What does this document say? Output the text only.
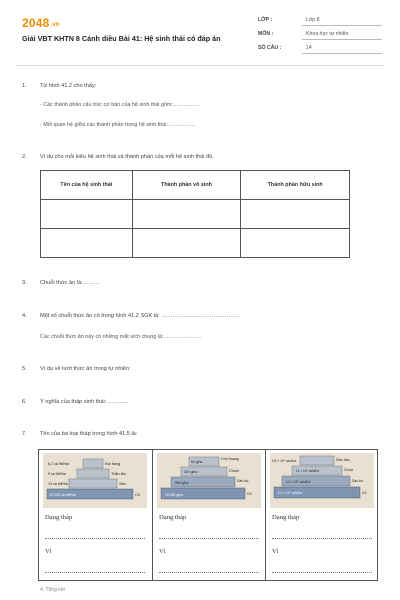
2048.vn
Giải VBT KHTN 8 Cánh diều Bài 41: Hệ sinh thái có đáp án
LỚP :	Lớp 8
MÔN :	Khoa học tự nhiên
SỐ CÂU :	14
1. Từ hình 41.2 cho thấy:
- Các thành phần cấu trúc cơ bản của hệ sinh thái gồm:……………
- Mối quan hệ giữa các thành phần trong hệ sinh thái:……………
2. Ví dụ cho mỗi kiểu hệ sinh thái và thành phần của mỗi hệ sinh thái đó.
Tên của hệ sinh thái	Thành phần vô sinh	Thành phần hữu sinh

3. Chuỗi thức ăn là:………
4. Một số chuỗi thức ăn có trong hình 41.2 SGK là: ……………………………………
Các chuỗi thức ăn này có những mắt xích chung là:…………………
5. Ví dụ về lưới thức ăn trong tự nhiên:
6. Ý nghĩa của tháp sinh thái:…………
7. Tên của ba loại tháp trong hình 41.5 là:
6,2 cá thể/ha	Đại bàng
9 cá thể/ha	Thằn lằn
10 cá thể/ha	Sâu
10 000 cá thể/ha	Cỏ
Dạng tháp
Vì
60 g/ha
Chó hoang
400 g/ha	Chuột
560 g/ha	Sâu bọ
15 000 g/ha	Cỏ
Dạng tháp
Vì
0,5 × 10⁶ calo/ha	Diều hâu
11 × 10⁶ calo/ha	Chuột
1,2 × 10⁶ calo/ha	Sâu bọ
2,1 × 10⁶ calo/ha	Cỏ
Dạng tháp
Vì
4. Tổng kết
